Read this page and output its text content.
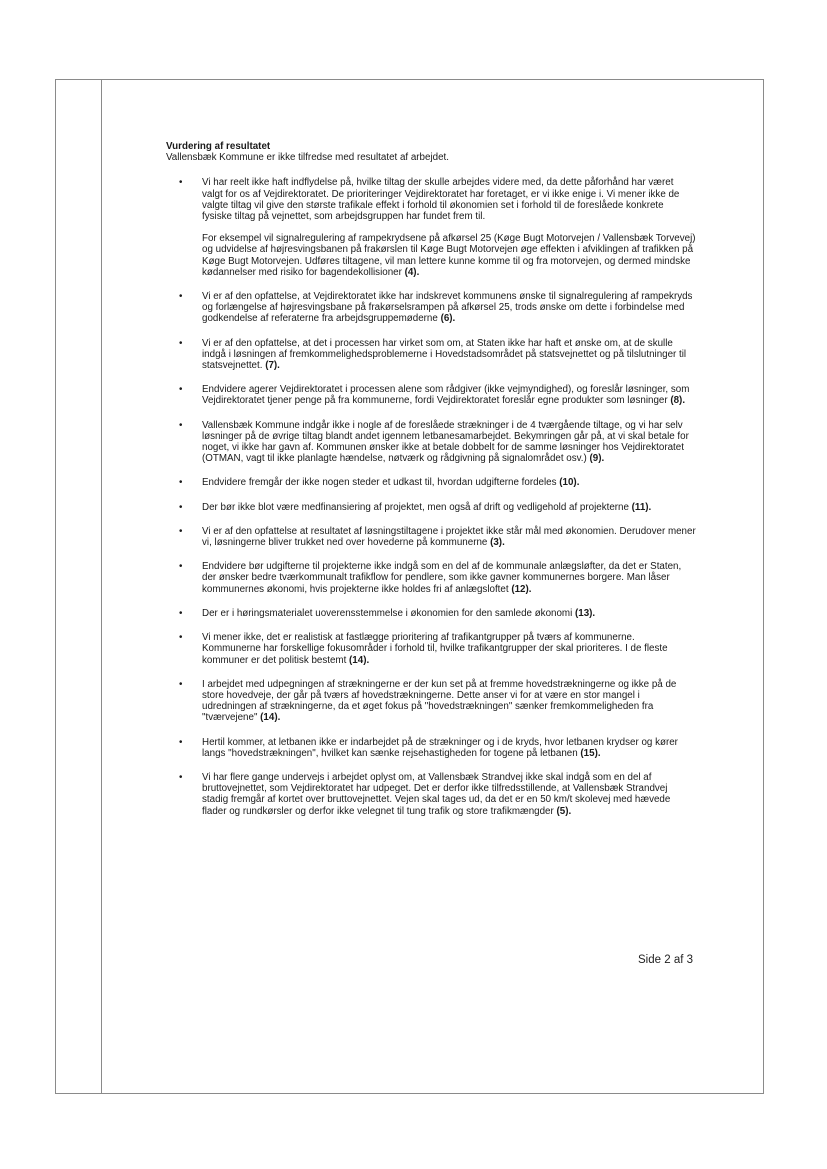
Vurdering af resultatet

Vallensbæk Kommune er ikke tilfredse med resultatet af arbejdet.

• Vi har reelt ikke haft indflydelse på, hvilke tiltag der skulle arbejdes videre med, da dette påforhånd har været valgt for os af Vejdirektoratet. De prioriteringer Vejdirektoratet har foretaget, er vi ikke enige i. Vi mener ikke de valgte tiltag vil give den største trafikale effekt i forhold til økonomien set i forhold til de foreslåede konkrete fysiske tiltag på vejnettet, som arbejdsgruppen har fundet frem til.
For eksempel vil signalregulering af rampekrydsene på afkørsel 25 (Køge Bugt Motorvejen / Vallensbæk Torvevej) og udvidelse af højresvingsbanen på frakørslen til Køge Bugt Motorvejen øge effekten i afviklingen af trafikken på Køge Bugt Motorvejen. Udføres tiltagene, vil man lettere kunne komme til og fra motorvejen, og dermed mindske kødannelser med risiko for bagendekollisioner (4).
• Vi er af den opfattelse, at Vejdirektoratet ikke har indskrevet kommunens ønske til signalregulering af rampekryds og forlængelse af højresvingsbane på frakørselsrampen på afkørsel 25, trods ønske om dette i forbindelse med godkendelse af referaterne fra arbejdsgruppemøderne (6).
• Vi er af den opfattelse, at det i processen har virket som om, at Staten ikke har haft et ønske om, at de skulle indgå i løsningen af fremkommelighedsproblemerne i Hovedstadsområdet på statsvejnettet og på tilslutninger til statsvejnettet. (7).
• Endvidere agerer Vejdirektoratet i processen alene som rådgiver (ikke vejmyndighed), og foreslår løsninger, som Vejdirektoratet tjener penge på fra kommunerne, fordi Vejdirektoratet foreslår egne produkter som løsninger (8).
• Vallensbæk Kommune indgår ikke i nogle af de foreslåede strækninger i de 4 tværgående tiltage, og vi har selv løsninger på de øvrige tiltag blandt andet igennem letbanesamarbejdet. Bekymringen går på, at vi skal betale for noget, vi ikke har gavn af. Kommunen ønsker ikke at betale dobbelt for de samme løsninger hos Vejdirektoratet (OTMAN, vagt til ikke planlagte hændelse, nøtværk og rådgivning på signalområdet osv.) (9).
• Endvidere fremgår der ikke nogen steder et udkast til, hvordan udgifterne fordeles (10).
• Der bør ikke blot være medfinansiering af projektet, men også af drift og vedligehold af projekterne (11).
• Vi er af den opfattelse at resultatet af løsningstiltagene i projektet ikke står mål med økonomien. Derudover mener vi, løsningerne bliver trukket ned over hovederne på kommunerne (3).
• Endvidere bør udgifterne til projekterne ikke indgå som en del af de kommunale anlægsløfter, da det er Staten, der ønsker bedre tværkommunalt trafikflow for pendlere, som ikke gavner kommunernes borgere. Man låser kommunernes økonomi, hvis projekterne ikke holdes fri af anlægsloftet (12).
• Der er i høringsmaterialet uoverensstemmelse i økonomien for den samlede økonomi (13).
• Vi mener ikke, det er realistisk at fastlægge prioritering af trafikantgrupper på tværs af kommunerne. Kommunerne har forskellige fokusområder i forhold til, hvilke trafikantgrupper der skal prioriteres. I de fleste kommuner er det politisk bestemt (14).
• I arbejdet med udpegningen af strækningerne er der kun set på at fremme hovedstrækningerne og ikke på de store hovedveje, der går på tværs af hovedstrækningerne. Dette anser vi for at være en stor mangel i udredningen af strækningerne, da et øget fokus på "hovedstrækningen" sænker fremkommeligheden fra "tværvejene" (14).
• Hertil kommer, at letbanen ikke er indarbejdet på de strækninger og i de kryds, hvor letbanen krydser og kører langs "hovedstrækningen", hvilket kan sænke rejsehastigheden for togene på letbanen (15).
• Vi har flere gange undervejs i arbejdet oplyst om, at Vallensbæk Strandvej ikke skal indgå som en del af bruttovejnettet, som Vejdirektoratet har udpeget. Det er derfor ikke tilfredsstillende, at Vallensbæk Strandvej stadig fremgår af kortet over bruttovejnettet. Vejen skal tages ud, da det er en 50 km/t skolevej med hævede flader og rundkørsler og derfor ikke velegnet til tung trafik og store trafikmængder (5).
Side 2 af 3
